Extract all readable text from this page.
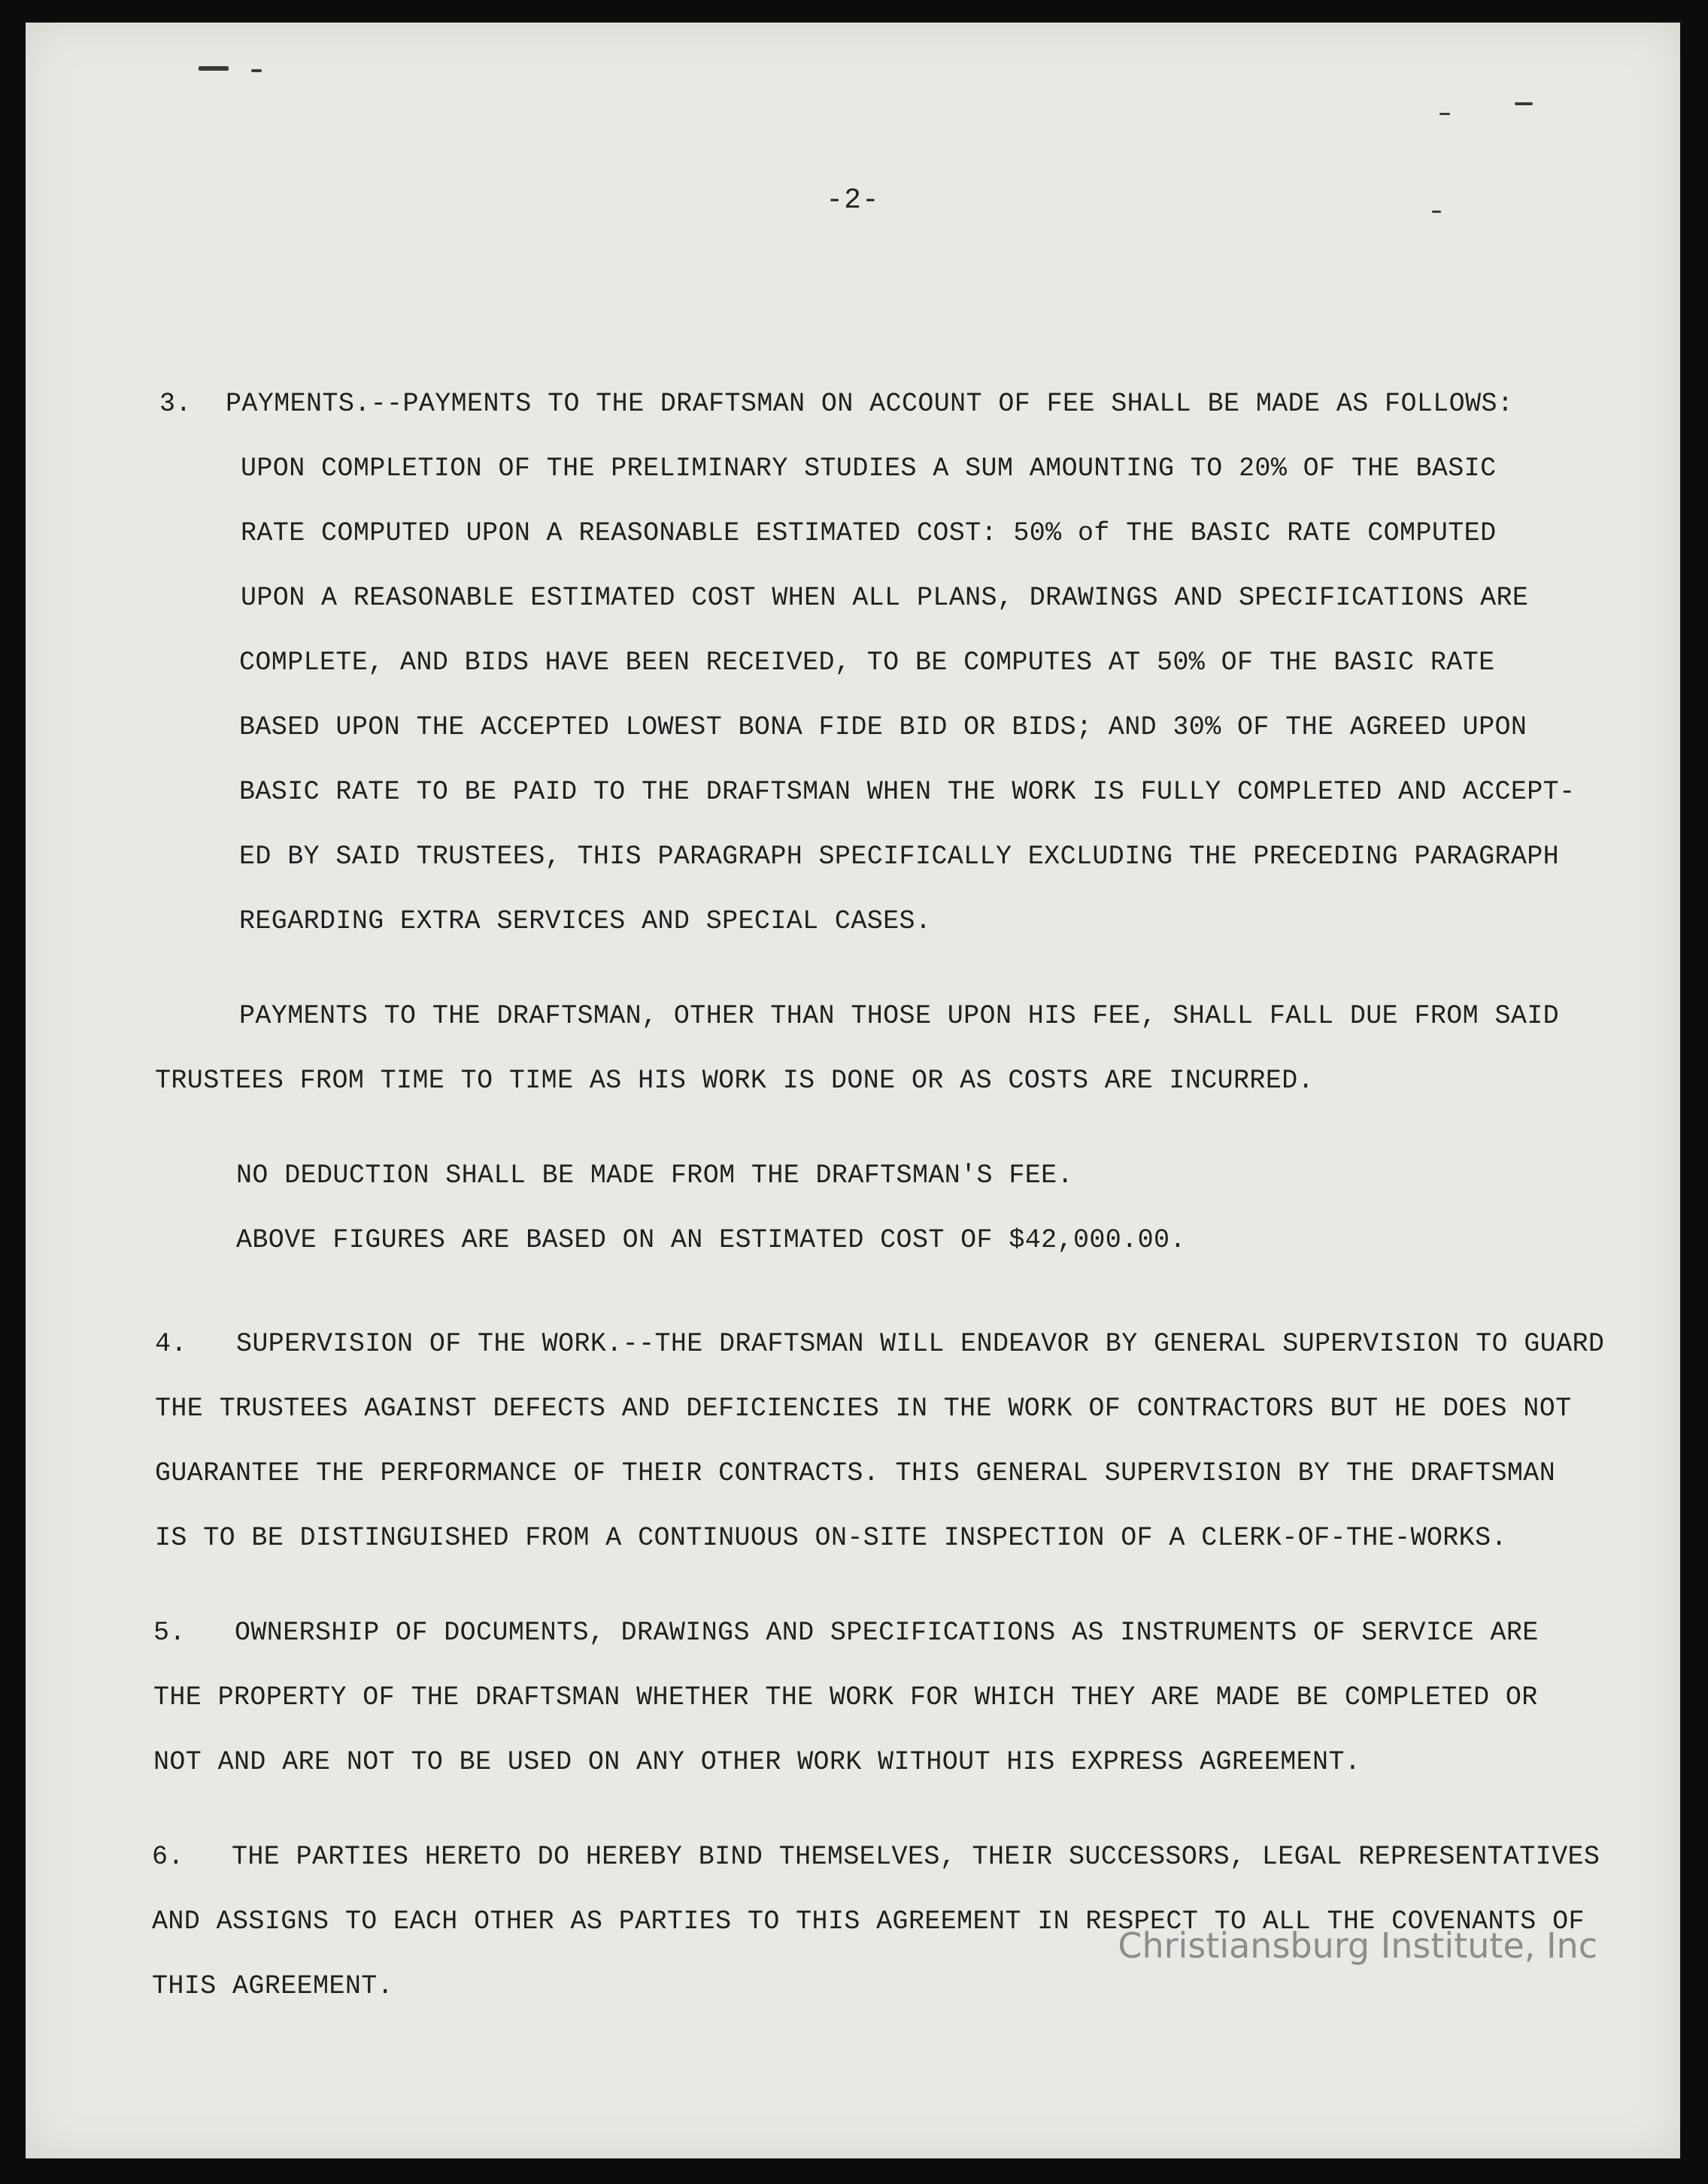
-2-
3. PAYMENTS.--PAYMENTS TO THE DRAFTSMAN ON ACCOUNT OF FEE SHALL BE MADE AS FOLLOWS:
UPON COMPLETION OF THE PRELIMINARY STUDIES A SUM AMOUNTING TO 20% OF THE BASIC
RATE COMPUTED UPON A REASONABLE ESTIMATED COST: 50% of THE BASIC RATE COMPUTED
UPON A REASONABLE ESTIMATED COST WHEN ALL PLANS, DRAWINGS AND SPECIFICATIONS ARE
COMPLETE, AND BIDS HAVE BEEN RECEIVED, TO BE COMPUTES AT 50% OF THE BASIC RATE
BASED UPON THE ACCEPTED LOWEST BONA FIDE BID OR BIDS; AND 30% OF THE AGREED UPON
BASIC RATE TO BE PAID TO THE DRAFTSMAN WHEN THE WORK IS FULLY COMPLETED AND ACCEPT-
ED BY SAID TRUSTEES, THIS PARAGRAPH SPECIFICALLY EXCLUDING THE PRECEDING PARAGRAPH
REGARDING EXTRA SERVICES AND SPECIAL CASES.
PAYMENTS TO THE DRAFTSMAN, OTHER THAN THOSE UPON HIS FEE, SHALL FALL DUE FROM SAID
TRUSTEES FROM TIME TO TIME AS HIS WORK IS DONE OR AS COSTS ARE INCURRED.
NO DEDUCTION SHALL BE MADE FROM THE DRAFTSMAN'S FEE.
ABOVE FIGURES ARE BASED ON AN ESTIMATED COST OF $42,000.00.
4. SUPERVISION OF THE WORK.--THE DRAFTSMAN WILL ENDEAVOR BY GENERAL SUPERVISION TO GUARD
THE TRUSTEES AGAINST DEFECTS AND DEFICIENCIES IN THE WORK OF CONTRACTORS BUT HE DOES NOT
GUARANTEE THE PERFORMANCE OF THEIR CONTRACTS. THIS GENERAL SUPERVISION BY THE DRAFTSMAN
IS TO BE DISTINGUISHED FROM A CONTINUOUS ON-SITE INSPECTION OF A CLERK-OF-THE-WORKS.
5. OWNERSHIP OF DOCUMENTS, DRAWINGS AND SPECIFICATIONS AS INSTRUMENTS OF SERVICE ARE
THE PROPERTY OF THE DRAFTSMAN WHETHER THE WORK FOR WHICH THEY ARE MADE BE COMPLETED OR
NOT AND ARE NOT TO BE USED ON ANY OTHER WORK WITHOUT HIS EXPRESS AGREEMENT.
6. THE PARTIES HERETO DO HEREBY BIND THEMSELVES, THEIR SUCCESSORS, LEGAL REPRESENTATIVES
AND ASSIGNS TO EACH OTHER AS PARTIES TO THIS AGREEMENT IN RESPECT TO ALL THE COVENANTS OF
THIS AGREEMENT.
Christiansburg Institute, Inc
